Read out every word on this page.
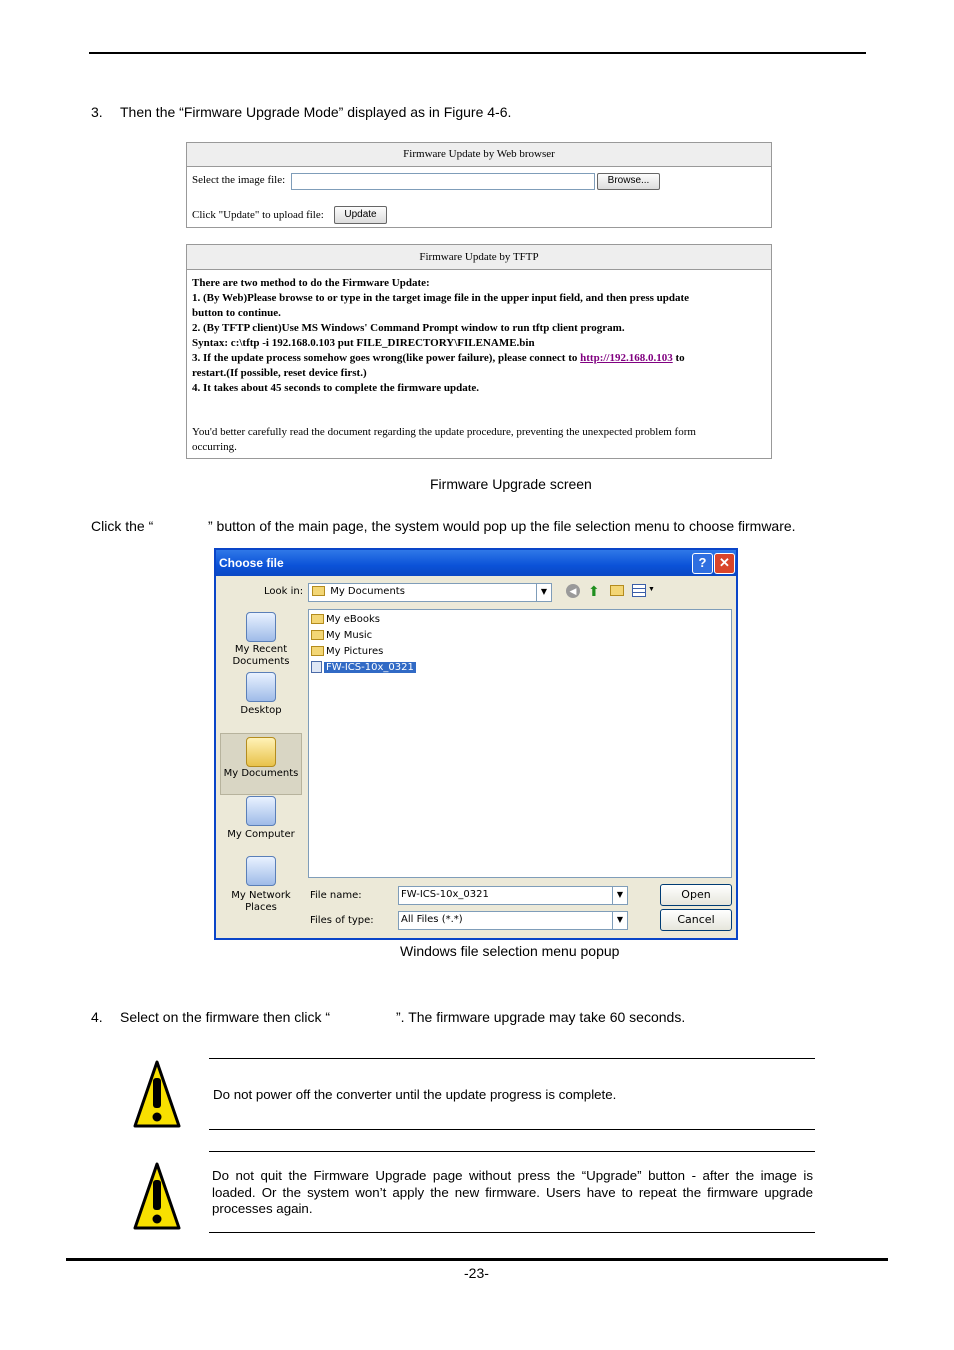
3. Then the “Firmware Upgrade Mode” displayed as in Figure 4-6.
Firmware Update by Web browser
Select the image file:	Browse...
Click "Update" to upload file:	Update
Firmware Update by TFTP
There are two method to do the Firmware Update:
1. (By Web)Please browse to or type in the target image file in the upper input field, and then press update
button to continue.
2. (By TFTP client)Use MS Windows' Command Prompt window to run tftp client program.
Syntax: c:\tftp -i 192.168.0.103 put FILE_DIRECTORY\FILENAME.bin
3. If the update process somehow goes wrong(like power failure), please connect to http://192.168.0.103 to
restart.(If possible, reset device first.)
4. It takes about 45 seconds to complete the firmware update.
You'd better carefully read the document regarding the update procedure, preventing the unexpected problem form
occurring.
Firmware Upgrade screen
Click the “	” button of the main page, the system would pop up the file selection menu to choose firmware.
Choose file	? ✕
Look in:	My Documents	▼	◀ ⬆	▼
My Recent
Documents
Desktop
My Documents
My Computer
My Network
Places
My eBooks
My Music
My Pictures
FW-ICS-10x_0321
File name:	FW-ICS-10x_0321	▼
Files of type:	All Files (*.*)	▼
Open
Cancel
Windows file selection menu popup
4. Select on the firmware then click “	”. The firmware upgrade may take 60 seconds.
Do not power off the converter until the update progress is complete.
Do not quit the Firmware Upgrade page without press the “Upgrade” button - after the image is loaded. Or the system won’t apply the new firmware. Users have to repeat the firmware upgrade processes again.
-23-
